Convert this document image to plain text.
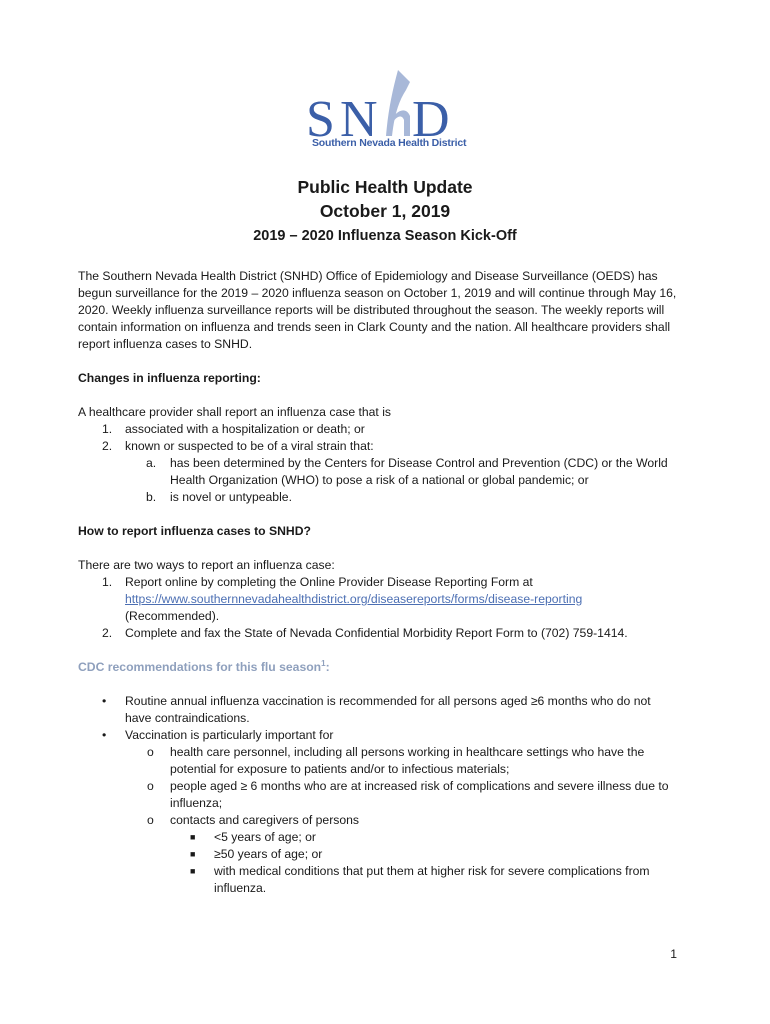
S N D
Southern Nevada Health District
Public Health Update
October 1, 2019
2019 – 2020 Influenza Season Kick-Off

The Southern Nevada Health District (SNHD) Office of Epidemiology and Disease Surveillance (OEDS) has begun surveillance for the 2019 – 2020 influenza season on October 1, 2019 and will continue through May 16, 2020. Weekly influenza surveillance reports will be distributed throughout the season. The weekly reports will contain information on influenza and trends seen in Clark County and the nation. All healthcare providers shall report influenza cases to SNHD.

Changes in influenza reporting:

A healthcare provider shall report an influenza case that is

1. associated with a hospitalization or death; or
2. known or suspected to be of a viral strain that:
a. has been determined by the Centers for Disease Control and Prevention (CDC) or the World Health Organization (WHO) to pose a risk of a national or global pandemic; or
b. is novel or untypeable.

How to report influenza cases to SNHD?

There are two ways to report an influenza case:

1. Report online by completing the Online Provider Disease Reporting Form at
https://www.southernnevadahealthdistrict.org/diseasereports/forms/disease-reporting
(Recommended).
2. Complete and fax the State of Nevada Confidential Morbidity Report Form to (702) 759-1414.

CDC recommendations for this flu season$^1$:

• Routine annual influenza vaccination is recommended for all persons aged ≥6 months who do not have contraindications.
• Vaccination is particularly important for
o health care personnel, including all persons working in healthcare settings who have the potential for exposure to patients and/or to infectious materials;
o people aged ≥ 6 months who are at increased risk of complications and severe illness due to influenza;
o contacts and caregivers of persons
■ <5 years of age; or
■ ≥50 years of age; or
■ with medical conditions that put them at higher risk for severe complications from influenza.
1
